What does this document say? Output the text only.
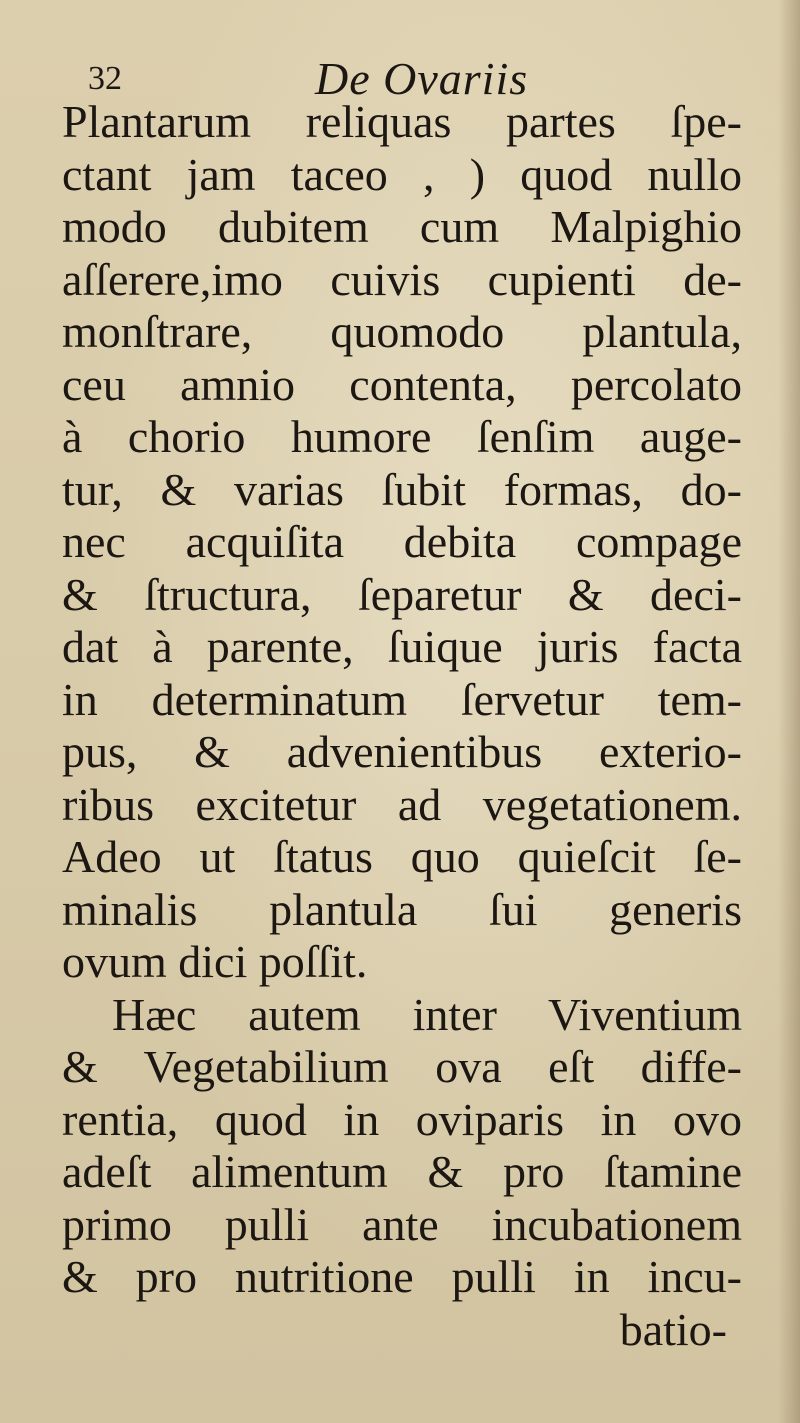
32	De Ovariis
Plantarum reliquas partes ſpe-
ctant jam taceo , ) quod nullo
modo dubitem cum Malpighio
aſſerere,imo cuivis cupienti de-
monſtrare, quomodo plantula,
ceu amnio contenta, percolato
à chorio humore ſenſim auge-
tur, & varias ſubit formas, do-
nec acquiſita debita compage
& ſtructura, ſeparetur & deci-
dat à parente, ſuique juris facta
in determinatum ſervetur tem-
pus, & advenientibus exterio-
ribus excitetur ad vegetationem.
Adeo ut ſtatus quo quieſcit ſe-
minalis plantula ſui generis
ovum dici poſſit.
Hæc autem inter Viventium
& Vegetabilium ova eſt diffe-
rentia, quod in oviparis in ovo
adeſt alimentum & pro ſtamine
primo pulli ante incubationem
& pro nutritione pulli in incu-
batio-
